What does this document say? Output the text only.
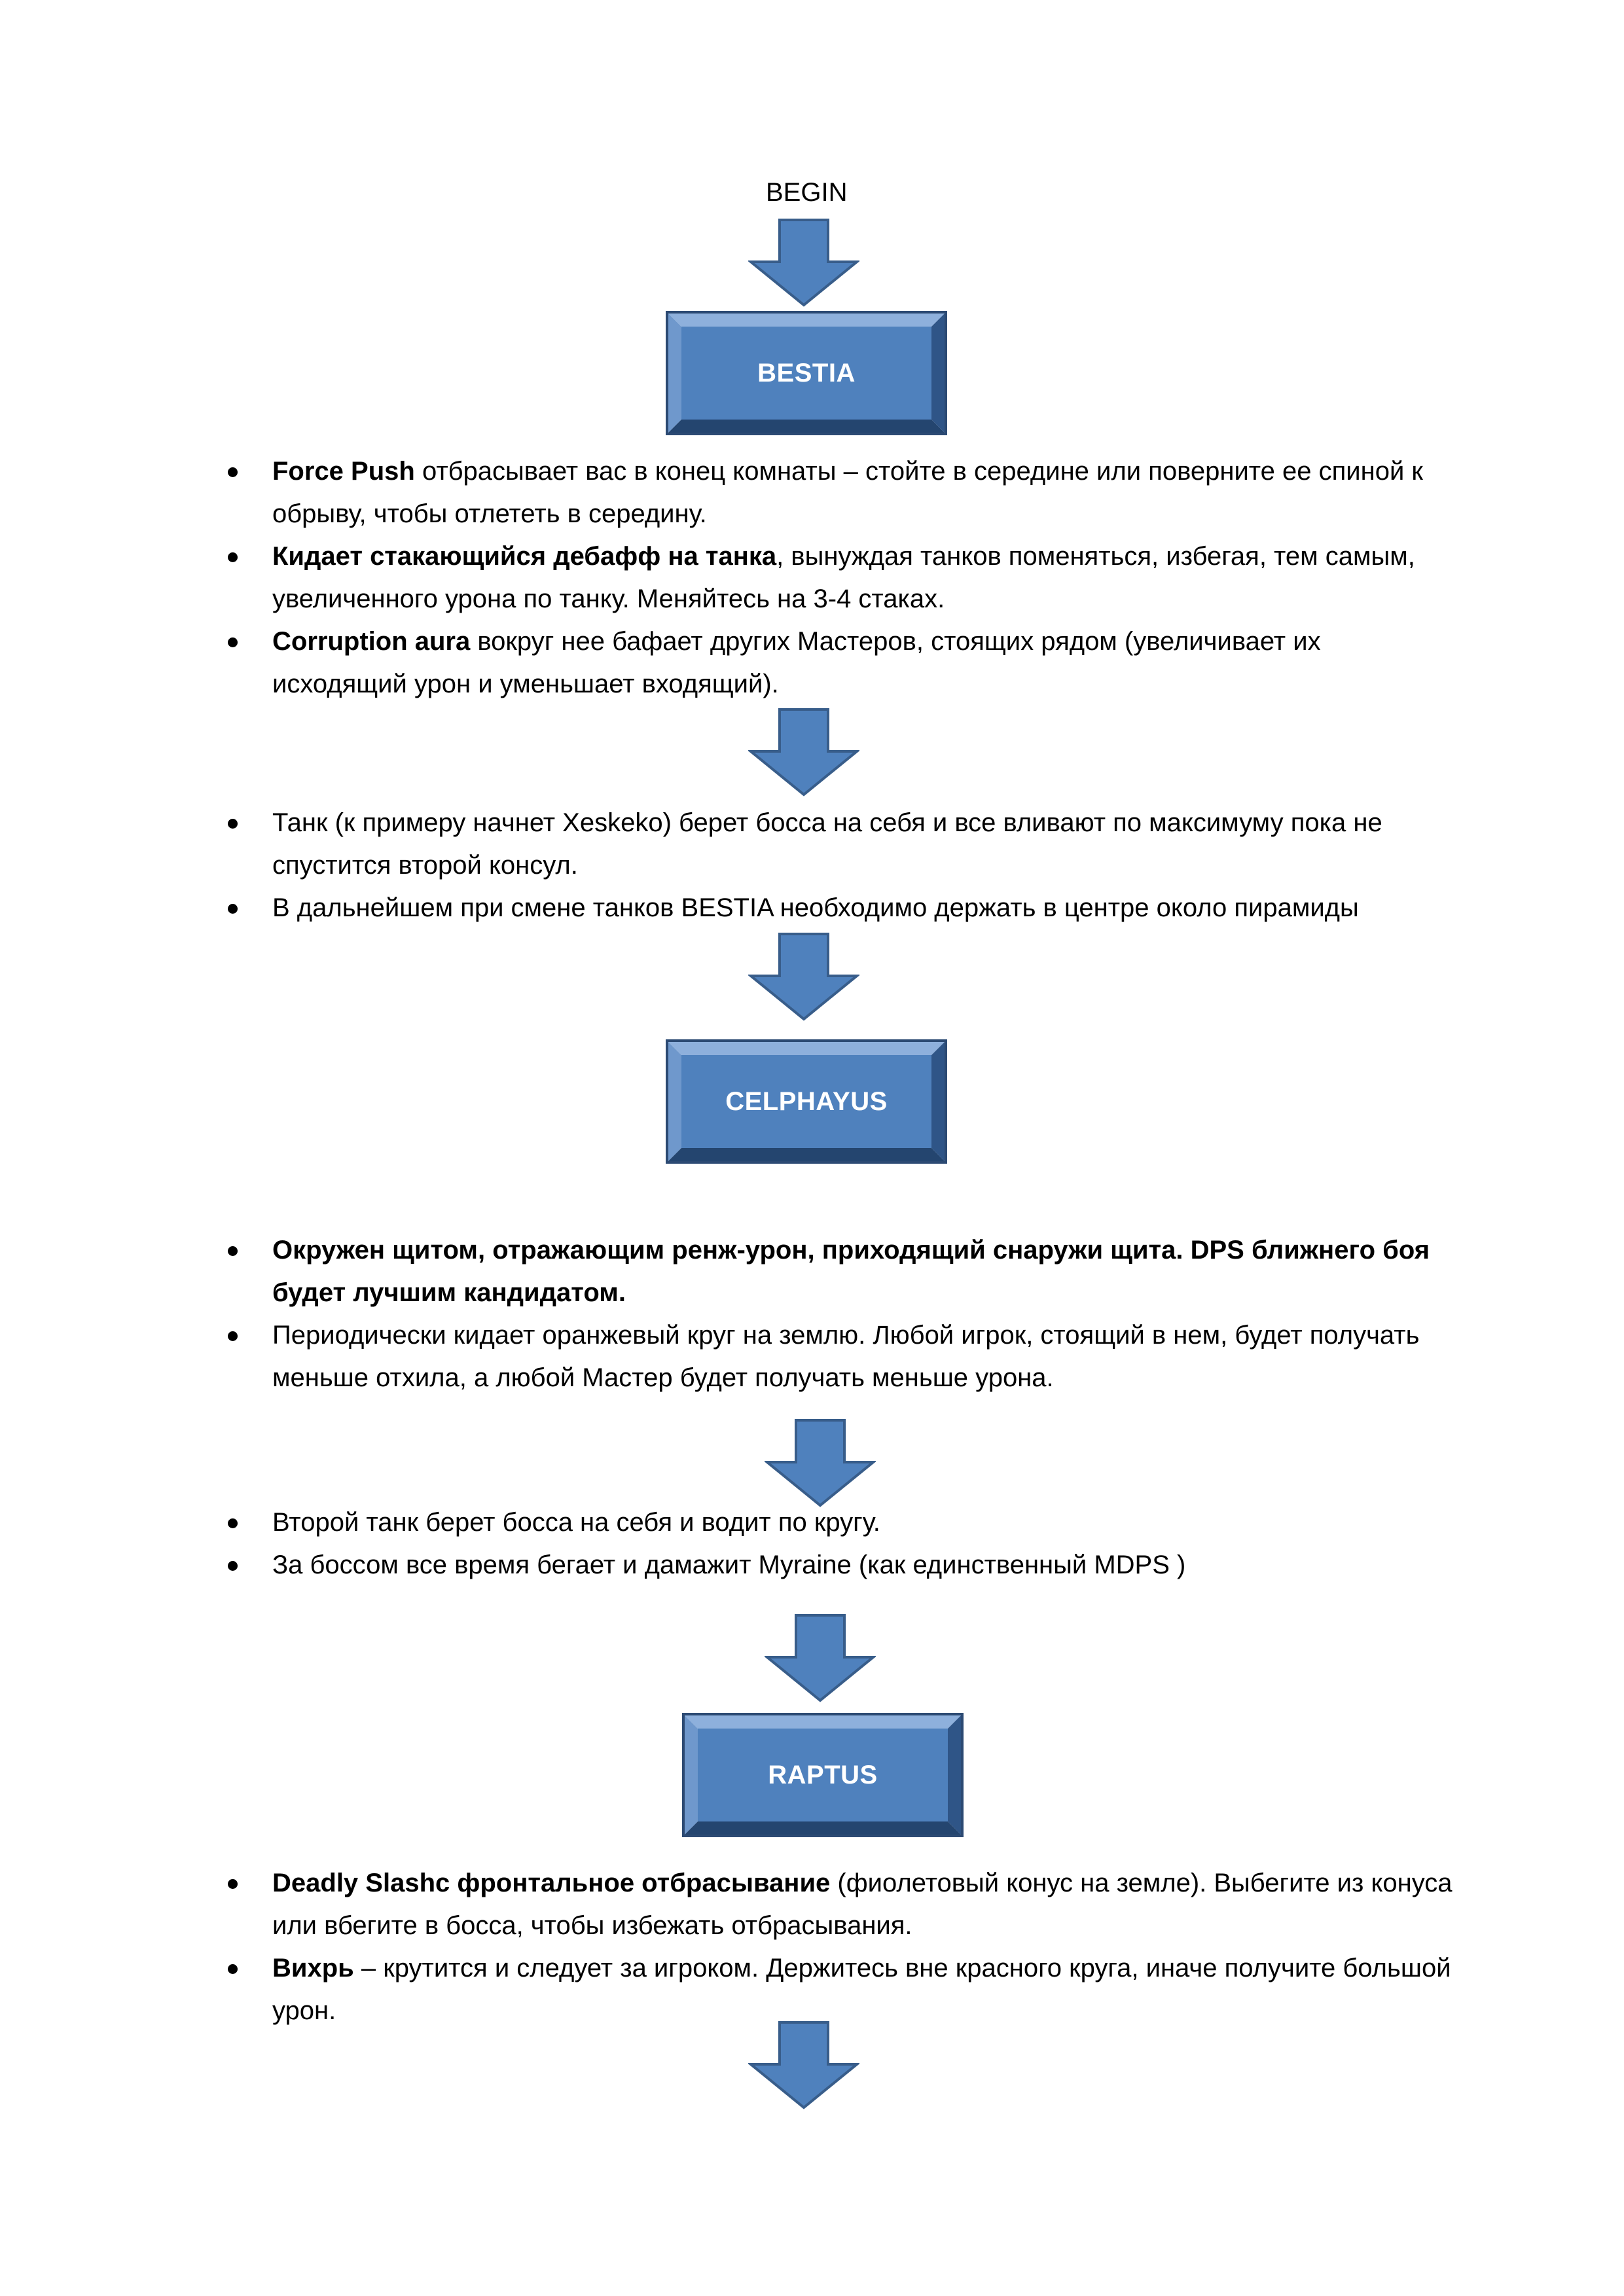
BEGIN
BESTIA
Force Push отбрасывает вас в конец комнаты – стойте в середине или поверните ее спиной к обрыву, чтобы отлететь в середину.
Кидает стакающийся дебафф на танка, вынуждая танков поменяться, избегая, тем самым, увеличенного урона по танку. Меняйтесь на 3-4 стаках.
Corruption aura вокруг нее бафает других Мастеров, стоящих рядом (увеличивает их исходящий урон и уменьшает входящий).
Танк (к примеру начнет Xeskeko) берет босса на себя и все вливают по максимуму пока не спустится второй консул.
В дальнейшем при смене танков BESTIA необходимо держать в центре около пирамиды
CELPHAYUS
Окружен щитом, отражающим ренж-урон, приходящий снаружи щита. DPS ближнего боя будет лучшим кандидатом.
Периодически кидает оранжевый круг на землю. Любой игрок, стоящий в нем, будет получать меньше отхила, а любой Мастер будет получать меньше урона.
Второй танк берет босса на себя и водит по кругу.
За боссом все время бегает и дамажит Myraine (как единственный MDPS )
RAPTUS
Deadly Slashc фронтальное отбрасывание (фиолетовый конус на земле). Выбегите из конуса или вбегите в босса, чтобы избежать отбрасывания.
Вихрь – крутится и следует за игроком. Держитесь вне красного круга, иначе получите большой урон.
